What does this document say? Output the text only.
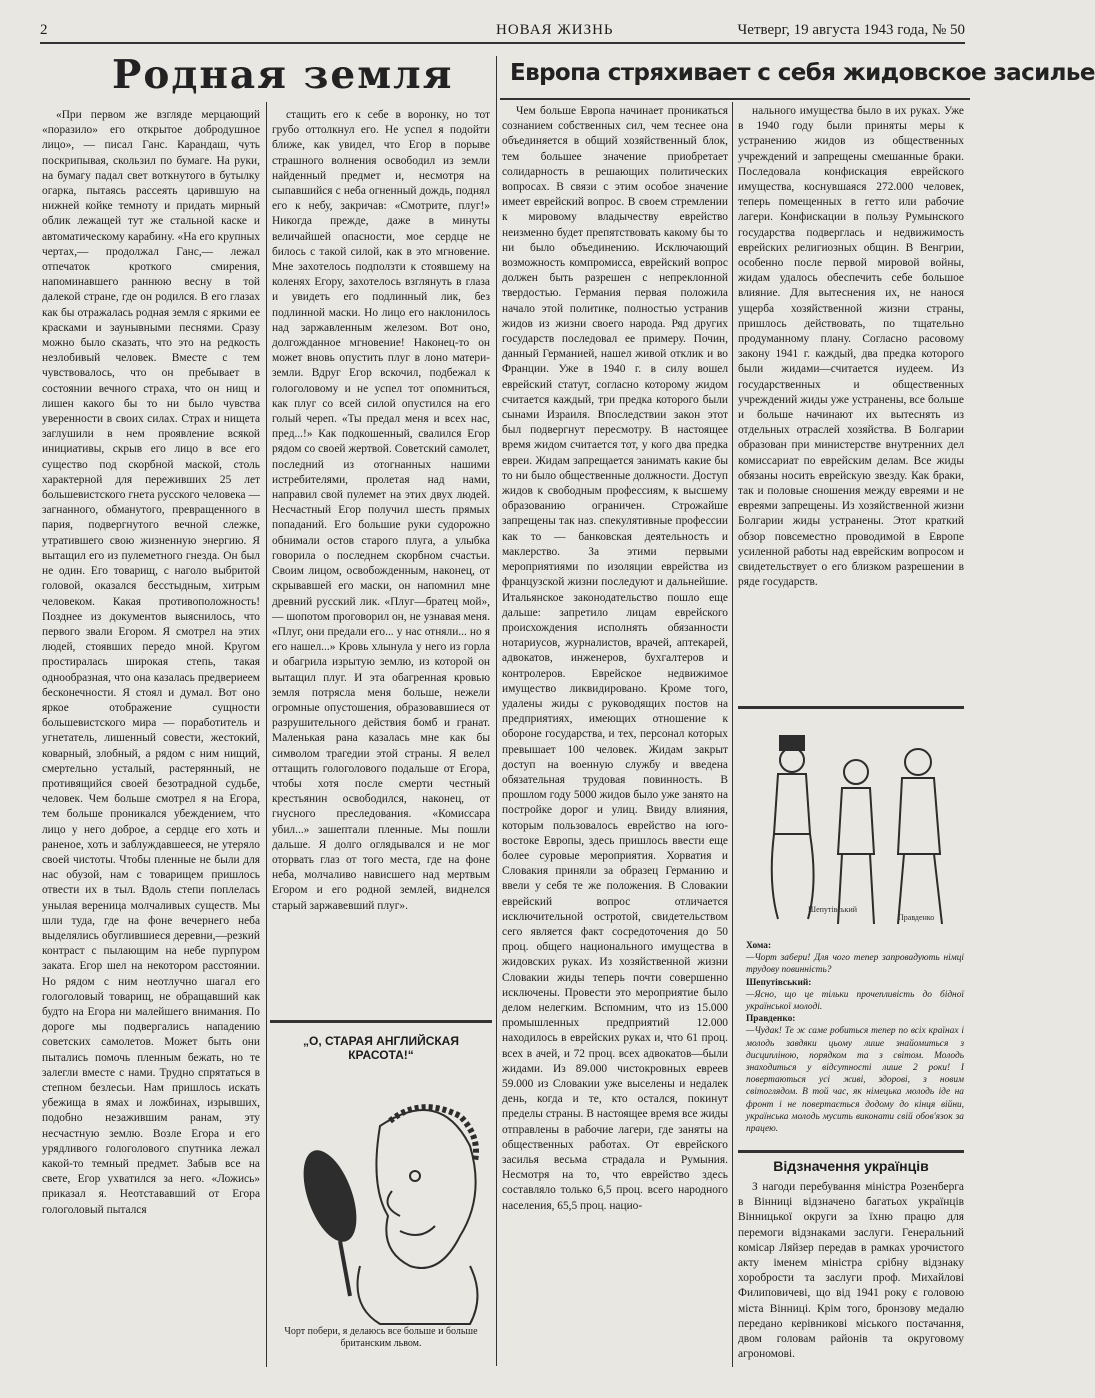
2	НОВАЯ ЖИЗНЬ	Четверг, 19 августа 1943 года, № 50
Родная земля Европа стряхивает с себя жидовское засилье

«При первом же взгляде мерцающий «поразило» его открытое добродушное лицо», — писал Ганс. Карандаш, чуть поскрипывая, скользил по бумаге. На руки, на бумагу падал свет воткнутого в бутылку огарка, пытаясь рассеять царившую на нижней койке темноту и придать мирный облик лежащей тут же стальной каске и автоматическому карабину. «На его крупных чертах,— продолжал Ганс,— лежал отпечаток кроткого смирения, напоминавшего раннюю весну в той далекой стране, где он родился. В его глазах как бы отражалась родная земля с яркими ее красками и заунывными песнями. Сразу можно было сказать, что это на редкость незлобивый человек. Вместе с тем чувствовалось, что он пребывает в состоянии вечного страха, что он нищ и лишен какого бы то ни было чувства уверенности в своих силах. Страх и нищета заглушили в нем проявление всякой инициативы, скрыв его лицо в все его существо под скорбной маской, столь характерной для переживших 25 лет большевистского гнета русского человека — загнанного, обманутого, превращенного в пария, подвергнутого вечной слежке, утратившего свою жизненную энергию. Я вытащил его из пулеметного гнезда. Он был не один. Его товарищ, с наголо выбритой головой, оказался бесстыдным, хитрым человеком. Какая противоположность! Позднее из документов выяснилось, что первого звали Егором. Я смотрел на этих людей, стоявших передо мной. Кругом простиралась широкая степь, такая однообразная, что она казалась предвериеем бесконечности. Я стоял и думал. Вот оно яркое отображение сущности большевистского мира — поработитель и угнетатель, лишенный совести, жестокий, коварный, злобный, а рядом с ним нищий, смертельно усталый, растерянный, не противящийся своей безотрадной судьбе, человек. Чем больше смотрел я на Егора, тем больше проникался убеждением, что лицо у него доброе, а сердце его хоть и раненое, хоть и заблуждавшееся, не утеряло своей чистоты. Чтобы пленные не были для нас обузой, нам с товарищем пришлось отвести их в тыл. Вдоль степи поплелась унылая вереница молчаливых существ. Мы шли туда, где на фоне вечернего неба выделялись обуглившиеся деревни,—резкий контраст с пылающим на небе пурпуром заката. Егор шел на некотором расстоянии. Но рядом с ним неотлучно шагал его гологоловый товарищ, не обращавший как будто на Егора ни малейшего внимания. По дороге мы подвергались нападению советских самолетов. Может быть они пытались помочь пленным бежать, но те залегли вместе с нами. Трудно спрятаться в степном безлесьи. Нам пришлось искать убежища в ямах и ложбинах, изрывших, подобно незажившим ранам, эту несчастную землю. Возле Егора и его урядливого гологолового спутника лежал какой-то темный предмет. Забыв все на свете, Егор ухватился за него. «Ложись» приказал я. Неотстававший от Егора гологоловый пытался

стащить его к себе в воронку, но тот грубо оттолкнул его. Не успел я подойти ближе, как увидел, что Егор в порыве страшного волнения освободил из земли найденный предмет и, несмотря на сыпавшийся с неба огненный дождь, поднял его к небу, закричав: «Смотрите, плуг!» Никогда прежде, даже в минуты величайшей опасности, мое сердце не билось с такой силой, как в это мгновение. Мне захотелось подползти к стоявшему на коленях Егору, захотелось взглянуть в глаза и увидеть его подлинный лик, без подлинной маски. Но лицо его наклонилось над заржавленным железом. Вот оно, долгожданное мгновение! Наконец-то он может вновь опустить плуг в лоно матери-земли. Вдруг Егор вскочил, подбежал к гологоловому и не успел тот опомниться, как плуг со всей силой опустился на его голый череп. «Ты предал меня и всех нас, пред...!» Как подкошенный, свалился Егор рядом со своей жертвой. Советский самолет, последний из отогнанных нашими истребителями, пролетая над нами, направил свой пулемет на этих двух людей. Несчастный Егор получил шесть прямых попаданий. Его большие руки судорожно обнимали остов старого плуга, а улыбка говорила о последнем скорбном счастьи. Своим лицом, освобожденным, наконец, от скрывавшей его маски, он напомнил мне древний русский лик. «Плуг—братец мой»,— шопотом проговорил он, не узнавая меня. «Плуг, они предали его... у нас отняли... но я его нашел...» Кровь хлынула у него из горла и обагрила изрытую землю, из которой он вытащил плуг. И эта обагренная кровью земля потрясла меня больше, нежели огромные опустошения, образовавшиеся от разрушительного действия бомб и гранат. Маленькая рана казалась мне как бы символом трагедии этой страны. Я велел оттащить гологолового подальше от Егора, чтобы хотя после смерти честный крестьянин освободился, наконец, от гнусного преследования. «Комиссара убил...» зашептали пленные. Мы пошли дальше. Я долго оглядывался и не мог оторвать глаз от того места, где на фоне неба, молчаливо нависшего над мертвым Егором и его родной землей, виднелся старый заржавевший плуг».

„О, СТАРАЯ АНГЛИЙСКАЯ
КРАСОТА!“
Чорт побери, я делаюсь все больше и больше британским львом.

Чем больше Европа начинает проникаться сознанием собственных сил, чем теснее она объединяется в общий хозяйственный блок, тем большее значение приобретает солидарность в решающих политических вопросах. В связи с этим особое значение имеет еврейский вопрос. В своем стремлении к мировому владычеству еврейство неизменно будет препятствовать какому бы то ни было объединению. Исключающий возможность компромисса, еврейский вопрос должен быть разрешен с непреклонной твердостью. Германия первая положила начало этой политике, полностью устранив жидов из жизни своего народа. Ряд других государств последовал ее примеру. Почин, данный Германией, нашел живой отклик и во Франции. Уже в 1940 г. в силу вошел еврейский статут, согласно которому жидом считается каждый, три предка которого были сынами Израиля. Впоследствии закон этот был подвергнут пересмотру. В настоящее время жидом считается тот, у кого два предка евреи. Жидам запрещается занимать какие бы то ни было общественные должности. Доступ жидов к свободным профессиям, к высшему образованию ограничен. Строжайше запрещены так наз. спекулятивные профессии как то — банковская деятельность и маклерство. За этими первыми мероприятиями по изоляции еврейства из французской жизни последуют и дальнейшие. Итальянское законодательство пошло еще дальше: запретило лицам еврейского происхождения исполнять обязанности нотариусов, журналистов, врачей, аптекарей, адвокатов, инженеров, бухгалтеров и контролеров. Еврейское недвижимое имущество ликвидировано. Кроме того, удалены жиды с руководящих постов на предприятиях, имеющих отношение к обороне государства, и тех, персонал которых превышает 100 человек. Жидам закрыт доступ на военную службу и введена обязательная трудовая повинность. В прошлом году 5000 жидов было уже занято на постройке дорог и улиц. Ввиду влияния, которым пользовалось еврейство на юго-востоке Европы, здесь пришлось ввести еще более суровые мероприятия. Хорватия и Словакия приняли за образец Германию и ввели у себя те же положения. В Словакии еврейский вопрос отличается исключительной остротой, свидетельством сего является факт сосредоточения до 50 проц. общего национального имущества в жидовских руках. Из хозяйственной жизни Словакии жиды теперь почти совершенно исключены. Провести это мероприятие было делом нелегким. Вспомним, что из 15.000 промышленных предприятий 12.000 находилось в еврейских руках и, что 61 проц. всех в ачей, и 72 проц. всех адвокатов—были жидами. Из 89.000 чистокровных евреев 59.000 из Словакии уже выселены и недалек день, когда и те, кто остался, покинут пределы страны. В настоящее время все жиды отправлены в рабочие лагери, где заняты на общественных работах. От еврейского засилья весьма страдала и Румыния. Несмотря на то, что еврейство здесь составляло только 6,5 проц. всего народного населения, 65,5 проц. нацио-

нального имущества было в их руках. Уже в 1940 году были приняты меры к устранению жидов из общественных учреждений и запрещены смешанные браки. Последовала конфискация еврейского имущества, коснувшаяся 272.000 человек, теперь помещенных в гетто или рабочие лагери. Конфискации в пользу Румынского государства подверглась и недвижимость еврейских религиозных общин. В Венгрии, особенно после первой мировой войны, жидам удалось обеспечить себе большое влияние. Для вытеснения их, не нанося ущерба хозяйственной жизни страны, пришлось действовать, по тщательно продуманному плану. Согласно расовому закону 1941 г. каждый, два предка которого были жидами—считается иудеем. Из государственных и общественных учреждений жиды уже устранены, все больше и больше начинают их вытеснять из отдельных отраслей хозяйства. В Болгарии образован при министерстве внутренних дел комиссариат по еврейским делам. Все жиды обязаны носить еврейскую звезду. Как браки, так и половые сношения между евреями и не евреями запрещены. Из хозяйственной жизни Болгарии жиды устранены. Этот краткий обзор повсеместно проводимой в Европе усиленной работы над еврейским вопросом и свидетельствует о его близком разрешении в ряде государств.

Шепутівський
Правденко
Хома:
—Чорт забери! Для чого тепер запровадують німці трудову повинність?
Шепутівський:
—Ясно, що це тільки прочепливість до бідної української молоді.
Правденко:
—Чудак! Те ж саме робиться тепер по всіх країнах і молодь завдяки цьому лише знайомиться з дисципліною, порядком та з світом. Молодь знаходиться у відсутності лише 2 роки! І повертаються усі живі, здорові, з новим світоглядом. В той час, як німецька молодь іде на фронт і не повертається додому до кінця війни, українська молодь мусить виконати свій обов'язок за працею.
Відзначення українців

З нагоди перебування міністра Розенберга в Вінниці відзначено багатьох українців Вінницької округи за їхню працю для перемоги відзнаками заслуги. Генеральний комісар Ляйзер передав в рамках урочистого акту іменем міністра срібну відзнаку хоробрости та заслуги проф. Михайлові Филиповичеві, що від 1941 року є головою міста Вінниці. Крім того, бронзову медалю передано керівникові міського постачання, двом головам районів та округовому агрономові.
